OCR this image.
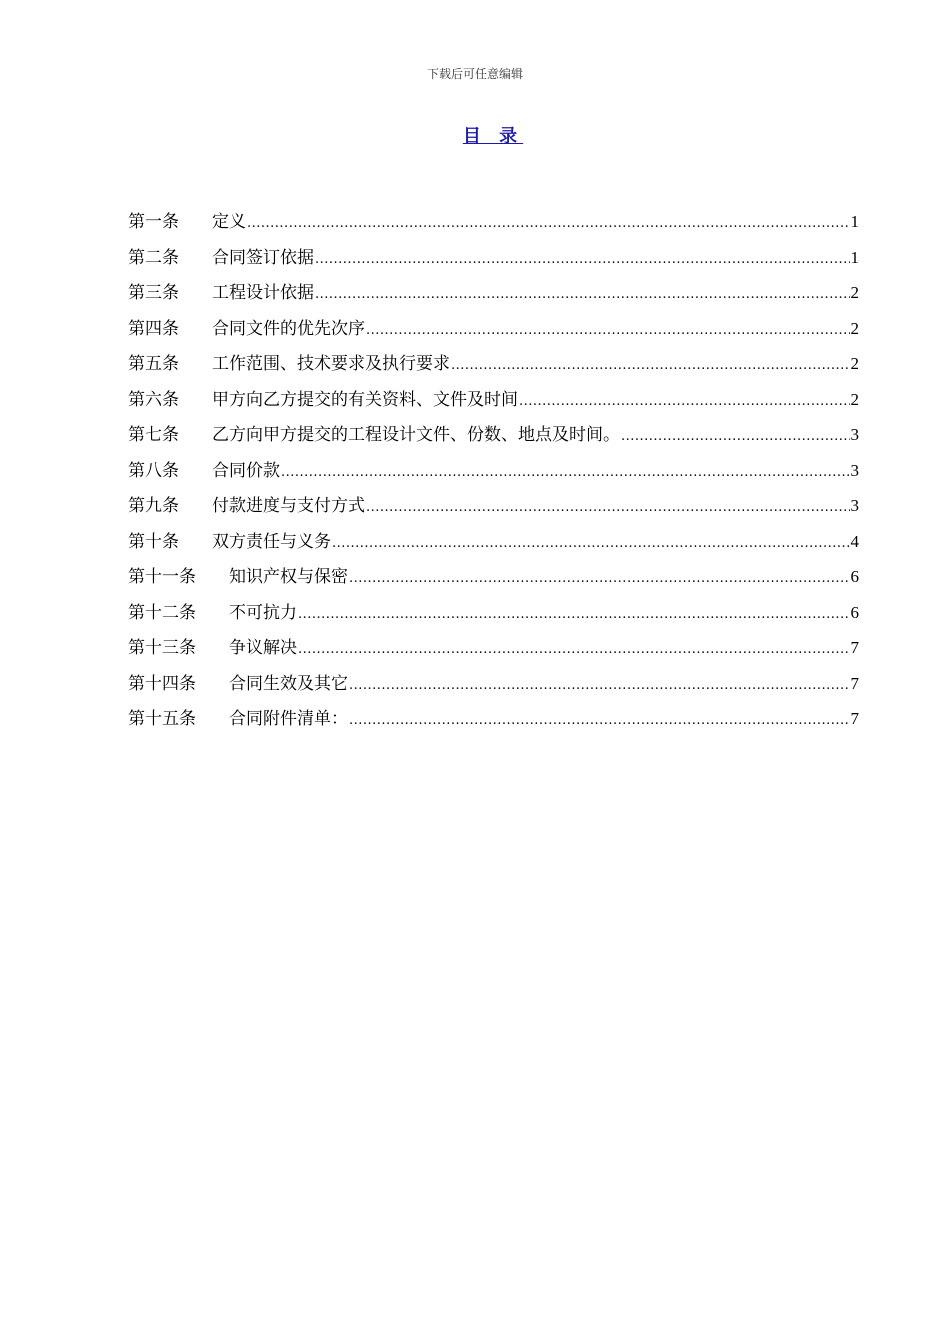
下载后可任意编辑
目 录
第一条	定义 .....	1
第二条	合同签订依据 .....	1
第三条	工程设计依据 .....	2
第四条	合同文件的优先次序 .....	2
第五条	工作范围、技术要求及执行要求 .....	2
第六条	甲方向乙方提交的有关资料、文件及时间 .....	2
第七条	乙方向甲方提交的工程设计文件、份数、地点及时间。 .....	3
第八条	合同价款 .....	3
第九条	付款进度与支付方式 .....	3
第十条	双方责任与义务 .....	4
第十一条	知识产权与保密 .....	6
第十二条	不可抗力 .....	6
第十三条	争议解决 .....	7
第十四条	合同生效及其它 .....	7
第十五条	合同附件清单： .....	7
